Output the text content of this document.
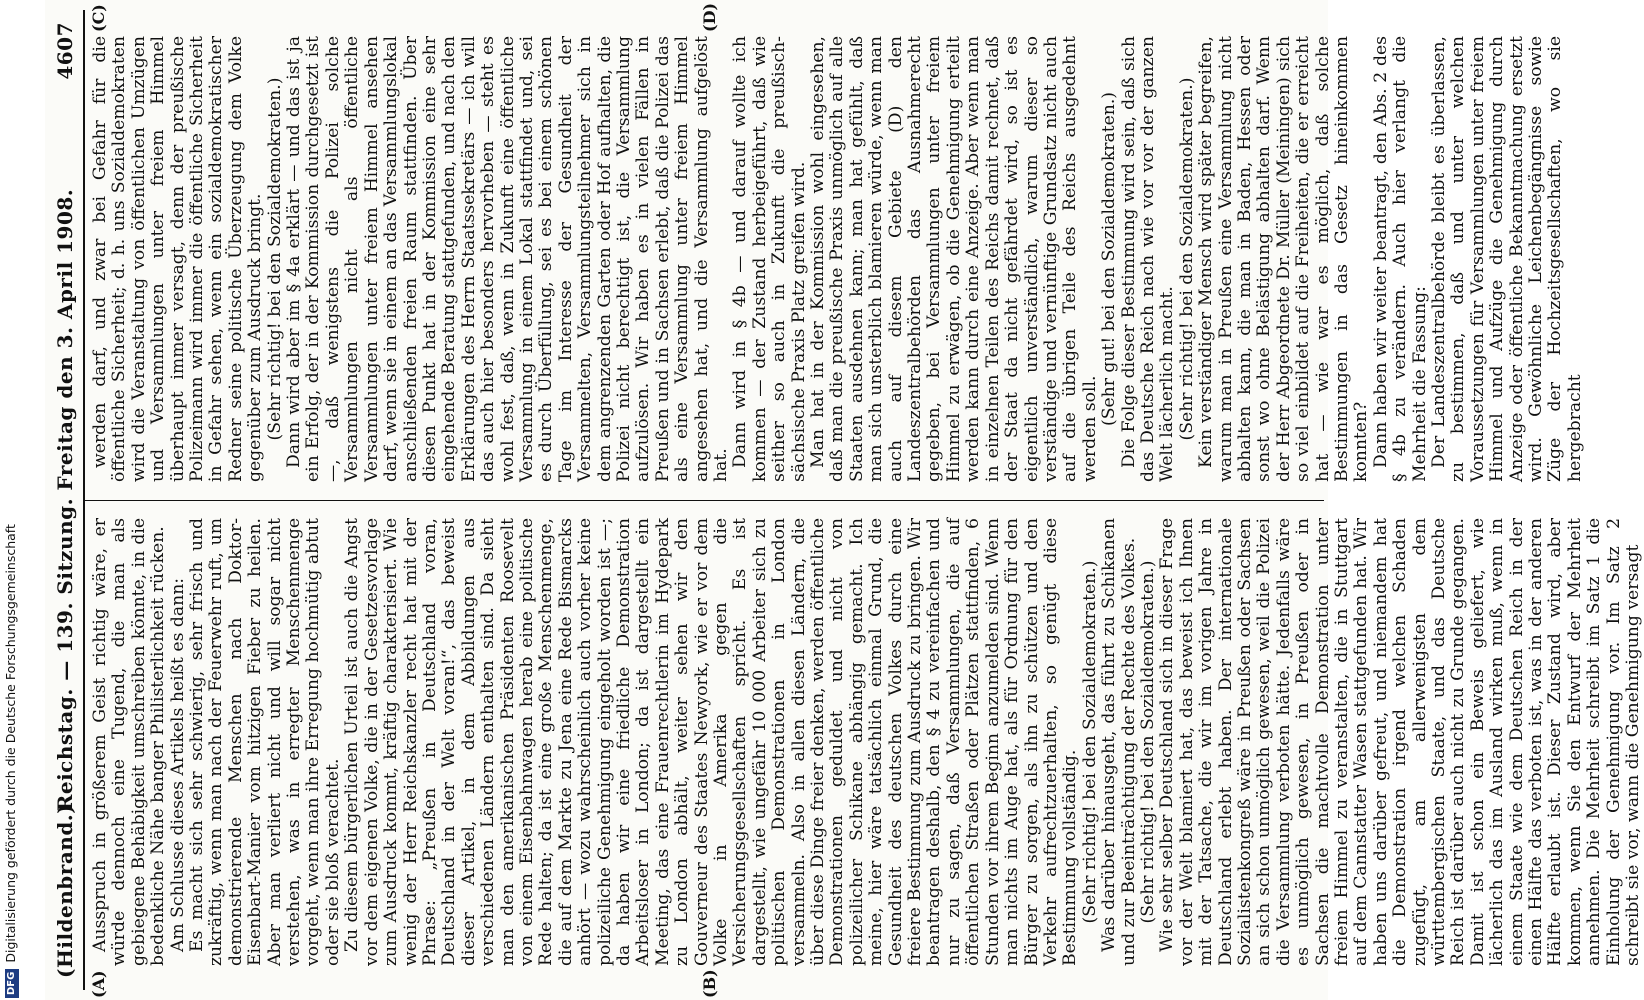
(Hildenbrand.)
Reichstag. — 139. Sitzung. Freitag den 3. April 1908.
4607
(A)	(B)
(C)	(D)

Ausspruch in größerem Geist richtig wäre, er würde dennoch eine Tugend, die man als gebiegene Behäbigkeit umschreiben könnte, in die bedenkliche Nähe banger Philisterlichkeit rücken. Am Schlusse dieses Artikels heißt es dann: Es macht sich sehr schwierig, sehr frisch und zukräftig, wenn man nach der Feuerwehr ruft, um demonstrierende Menschen nach Doktor-Eisenbart-Manier vom hitzigen Fieber zu heilen. Aber man verliert nicht und will sogar nicht verstehen, was in erregter Menschenmenge vorgeht, wenn man ihre Erregung hochmütig abtut oder sie bloß verachtet. Zu diesem bürgerlichen Urteil ist auch die Angst vor dem eigenen Volke, die in der Gesetzesvorlage zum Ausdruck kommt, kräftig charakterisiert. Wie wenig der Herr Reichskanzler recht hat mit der Phrase: „Preußen in Deutschland voran, Deutschland in der Welt voran!“, das beweist dieser Artikel, in dem Abbildungen aus verschiedenen Ländern enthalten sind. Da sieht man den amerikanischen Präsidenten Roosevelt von einem Eisenbahnwagen herab eine politische Rede halten; da ist eine große Menschenmenge, die auf dem Markte zu Jena eine Rede Bismarcks anhört — wozu wahrscheinlich auch vorher keine polizeiliche Genehmigung eingeholt worden ist —; da haben wir eine friedliche Demonstration Arbeitsloser in London; da ist dargestellt ein Meeting, das eine Frauenrechtlerin im Hydepark zu London abhält, weiter sehen wir den Gouverneur des Staates Newyork, wie er vor dem Volke in Amerika gegen die Versicherungsgesellschaften spricht. Es ist dargestellt, wie ungefähr 10 000 Arbeiter sich zu politischen Demonstrationen in London versammeln. Also in allen diesen Ländern, die über diese Dinge freier denken, werden öffentliche Demonstrationen geduldet und nicht von polizeilicher Schikane abhängig gemacht. Ich meine, hier wäre tatsächlich einmal Grund, die Gesundheit des deutschen Volkes durch eine freiere Bestimmung zum Ausdruck zu bringen. Wir beantragen deshalb, den § 4 zu vereinfachen und nur zu sagen, daß Versammlungen, die auf öffentlichen Straßen oder Plätzen stattfinden, 6 Stunden vor ihrem Beginn anzumelden sind. Wenn man nichts im Auge hat, als für Ordnung für den Bürger zu sorgen, als ihn zu schützen und den Verkehr aufrechtzuerhalten, so genügt diese Bestimmung vollständig. (Sehr richtig! bei den Sozialdemokraten.) Was darüber hinausgeht, das führt zu Schikanen und zur Beeinträchtigung der Rechte des Volkes. (Sehr richtig! bei den Sozialdemokraten.) Wie sehr selber Deutschland sich in dieser Frage vor der Welt blamiert hat, das beweist ich Ihnen mit der Tatsache, die wir im vorigen Jahre in Deutschland erlebt haben. Der internationale Sozialistenkongreß wäre in Preußen oder Sachsen an sich schon unmöglich gewesen, weil die Polizei die Versammlung verboten hätte. Jedenfalls wäre es unmöglich gewesen, in Preußen oder in Sachsen die machtvolle Demonstration unter freiem Himmel zu veranstalten, die in Stuttgart auf dem Cannstatter Wasen stattgefunden hat. Wir haben uns darüber gefreut, und niemandem hat die Demonstration irgend welchen Schaden zugefügt, am allerwenigsten dem württembergischen Staate, und das Deutsche Reich ist darüber auch nicht zu Grunde gegangen. Damit ist schon ein Beweis geliefert, wie lächerlich das im Ausland wirken muß, wenn in einem Staate wie dem Deutschen Reich in der einen Hälfte das verboten ist, was in der anderen Hälfte erlaubt ist. Dieser Zustand wird, aber kommen, wenn Sie den Entwurf der Mehrheit annehmen. Die Mehrheit schreibt im Satz 1 die Einholung der Genehmigung vor. Im Satz 2 schreibt sie vor, wann die Genehmigung versagt

werden darf, und zwar bei Gefahr für die öffentliche Sicherheit; d. h. uns Sozialdemokraten wird die Veranstaltung von öffentlichen Umzügen und Versammlungen unter freiem Himmel überhaupt immer versagt, denn der preußische Polizeimann wird immer die öffentliche Sicherheit in Gefahr sehen, wenn ein sozialdemokratischer Redner seine politische Überzeugung dem Volke gegenüber zum Ausdruck bringt. (Sehr richtig! bei den Sozialdemokraten.) Dann wird aber im § 4a erklärt — und das ist ja ein Erfolg, der in der Kommission durchgesetzt ist —, daß wenigstens die Polizei solche Versammlungen nicht als öffentliche Versammlungen unter freiem Himmel ansehen darf, wenn sie in einem an das Versammlungslokal anschließenden freien Raum stattfinden. Über diesen Punkt hat in der Kommission eine sehr eingehende Beratung stattgefunden, und nach den Erklärungen des Herrn Staatssekretärs — ich will das auch hier besonders hervorheben — steht es wohl fest, daß, wenn in Zukunft eine öffentliche Versammlung in einem Lokal stattfindet und, sei es durch Überfüllung, sei es bei einem schönen Tage im Interesse der Gesundheit der Versammelten, Versammlungsteilnehmer sich in dem angrenzenden Garten oder Hof aufhalten, die Polizei nicht berechtigt ist, die Versammlung aufzulösen. Wir haben es in vielen Fällen in Preußen und in Sachsen erlebt, daß die Polizei das als eine Versammlung unter freiem Himmel angesehen hat, und die Versammlung aufgelöst hat. Dann wird in § 4b — und darauf wollte ich kommen — der Zustand herbeigeführt, daß wie seither so auch in Zukunft die preußisch-sächsische Praxis Platz greifen wird. Man hat in der Kommission wohl eingesehen, daß man die preußische Praxis unmöglich auf alle Staaten ausdehnen kann; man hat gefühlt, daß man sich unsterblich blamieren würde, wenn man auch auf diesem Gebiete (D) den Landeszentralbehörden das Ausnahmerecht gegeben, bei Versammlungen unter freiem Himmel zu erwägen, ob die Genehmigung erteilt werden kann durch eine Anzeige. Aber wenn man in einzelnen Teilen des Reichs damit rechnet, daß der Staat da nicht gefährdet wird, so ist es eigentlich unverständlich, warum dieser so verständige und vernünftige Grundsatz nicht auch auf die übrigen Teile des Reichs ausgedehnt werden soll.

(Sehr gut! bei den Sozialdemokraten.) Die Folge dieser Bestimmung wird sein, daß sich das Deutsche Reich nach wie vor vor der ganzen Welt lächerlich macht. (Sehr richtig! bei den Sozialdemokraten.) Kein verständiger Mensch wird später begreifen, warum man in Preußen eine Versammlung nicht abhalten kann, die man in Baden, Hessen oder sonst wo ohne Belästigung abhalten darf. Wenn der Herr Abgeordnete Dr. Müller (Meiningen) sich so viel einbildet auf die Freiheiten, die er erreicht hat — wie war es möglich, daß solche Bestimmungen in das Gesetz hineinkommen konnten? Dann haben wir weiter beantragt, den Abs. 2 des § 4b zu verändern. Auch hier verlangt die Mehrheit die Fassung: Der Landeszentralbehörde bleibt es überlassen, zu bestimmen, daß und unter welchen Voraussetzungen für Versammlungen unter freiem Himmel und Aufzüge die Genehmigung durch Anzeige oder öffentliche Bekanntmachung ersetzt wird. Gewöhnliche Leichenbegängnisse sowie Züge der Hochzeitsgesellschaften, wo sie hergebracht

DFGDigitalisierung gefördert durch die Deutsche Forschungsgemeinschaft
